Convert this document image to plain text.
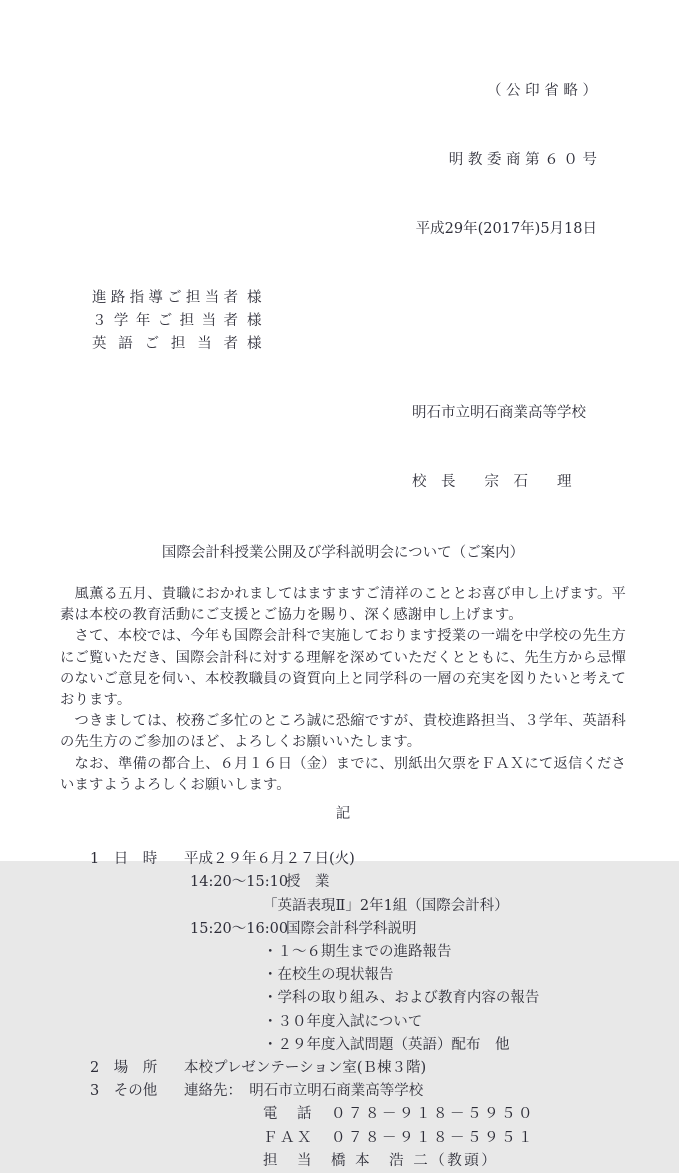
（ 公 印 省 略 ）

明 教 委 商 第 ６ ０ 号

平成29年(2017年)5月18日

進路指導ご担当者 様
３学年ご担当者 様
英語ご担当者 様

明石市立明石商業高等学校

校　長　　宗　石　　理

国際会計科授業公開及び学科説明会について（ご案内）

　風薫る五月、貴職におかれましてはますますご清祥のこととお喜び申し上げます。平素は本校の教育活動にご支援とご協力を賜り、深く感謝申し上げます。

　さて、本校では、今年も国際会計科で実施しております授業の一端を中学校の先生方にご覧いただき、国際会計科に対する理解を深めていただくとともに、先生方から忌憚のないご意見を伺い、本校教職員の資質向上と同学科の一層の充実を図りたいと考えております。

　つきましては、校務ご多忙のところ誠に恐縮ですが、貴校進路担当、３学年、英語科の先生方のご参加のほど、よろしくお願いいたします。

　なお、準備の都合上、６月１６日（金）までに、別紙出欠票をＦＡＸにて返信くださいますようよろしくお願いします。

記
1　日　時 平成２９年６月２７日(火)
14:20～15:10授　業
「英語表現Ⅱ」2年1組（国際会計科）
15:20～16:00国際会計科学科説明
・１～６期生までの進路報告
・在校生の現状報告
・学科の取り組み、および教育内容の報告
・３０年度入試について
・２９年度入試問題（英語）配布　他
2　場　所 本校プレゼンテーション室(Ｂ棟３階)
3　その他 連絡先：　明石市立明石商業高等学校
電　話　０７８－９１８－５９５０
ＦＡＸ　０７８－９１８－５９５１
担　当　橋 本　浩 二（教頭）
